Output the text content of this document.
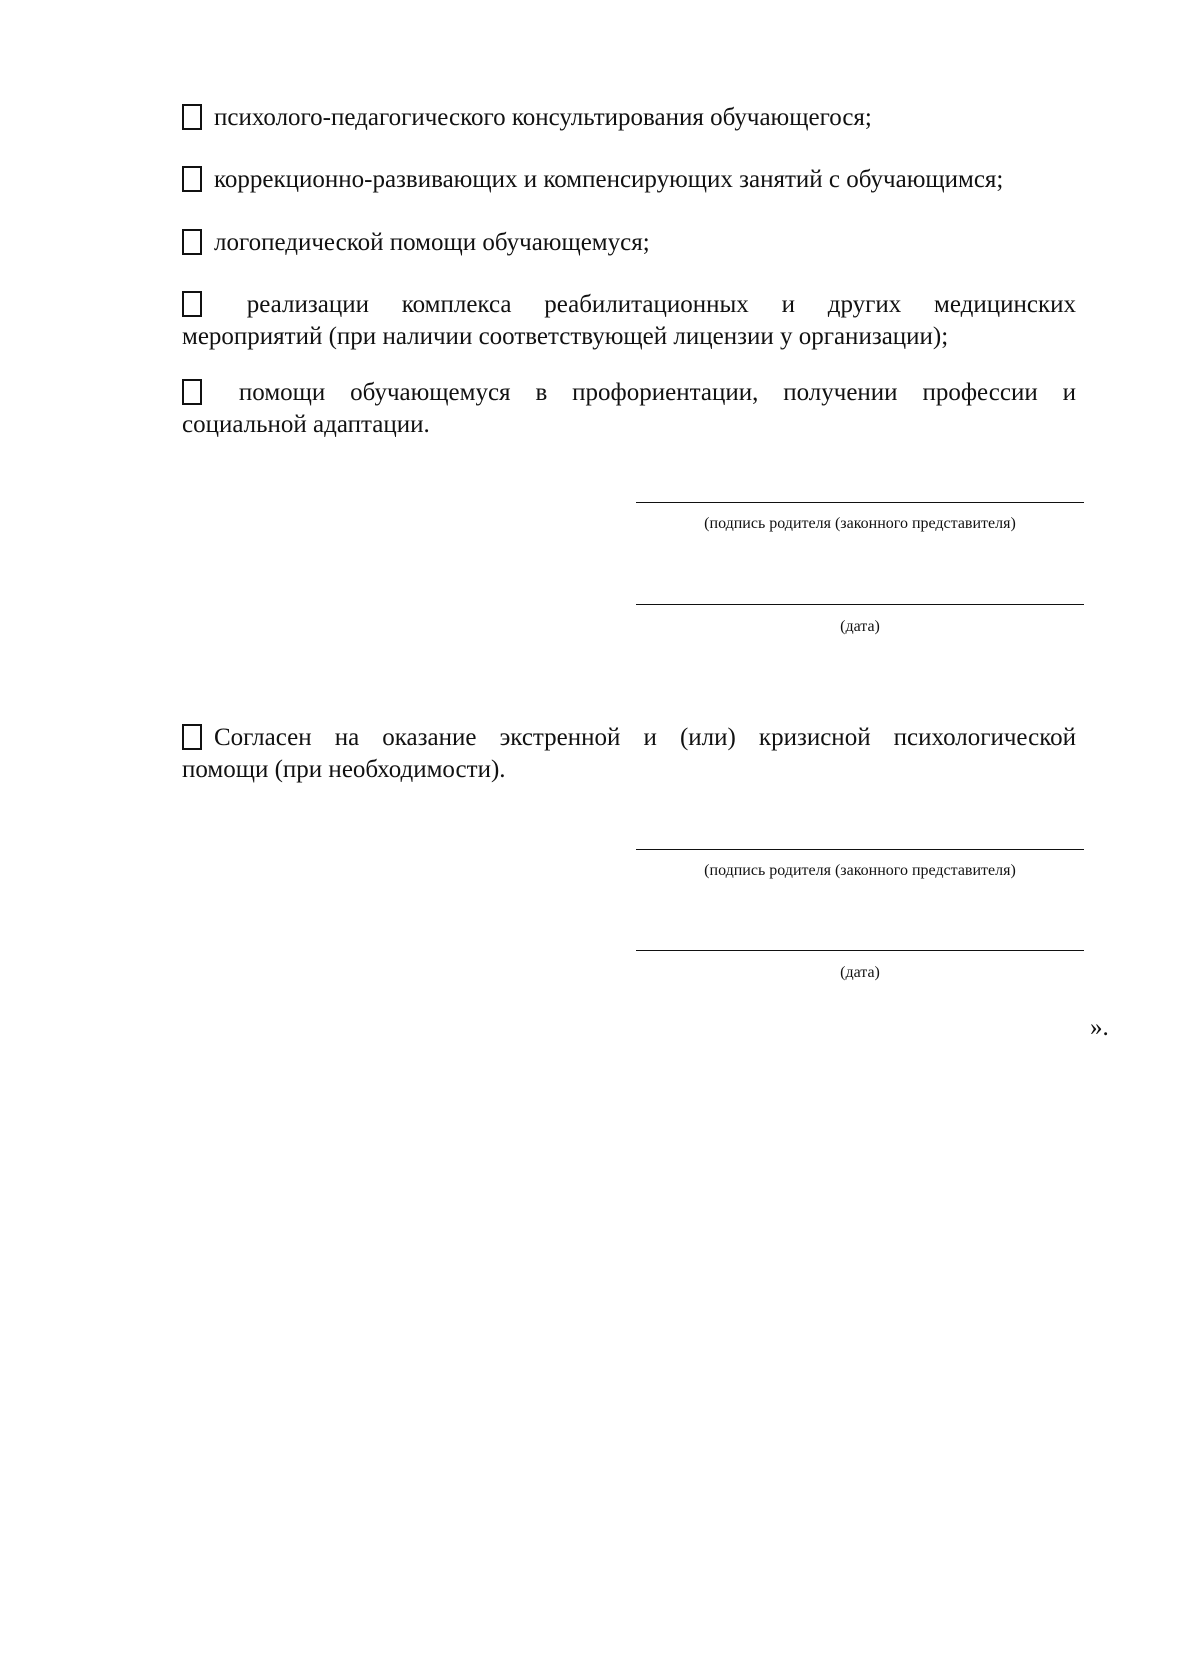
психолого-педагогического консультирования обучающегося;
коррекционно-развивающих и компенсирующих занятий с обучающимся;
логопедической помощи обучающемуся;
реализации комплекса реабилитационных и других медицинских
мероприятий (при наличии соответствующей лицензии у организации);
помощи обучающемуся в профориентации, получении профессии и
социальной адаптации.
(подпись родителя (законного представителя)
(дата)
Согласен на оказание экстренной и (или) кризисной психологической
помощи (при необходимости).
(подпись родителя (законного представителя)
(дата)
».
